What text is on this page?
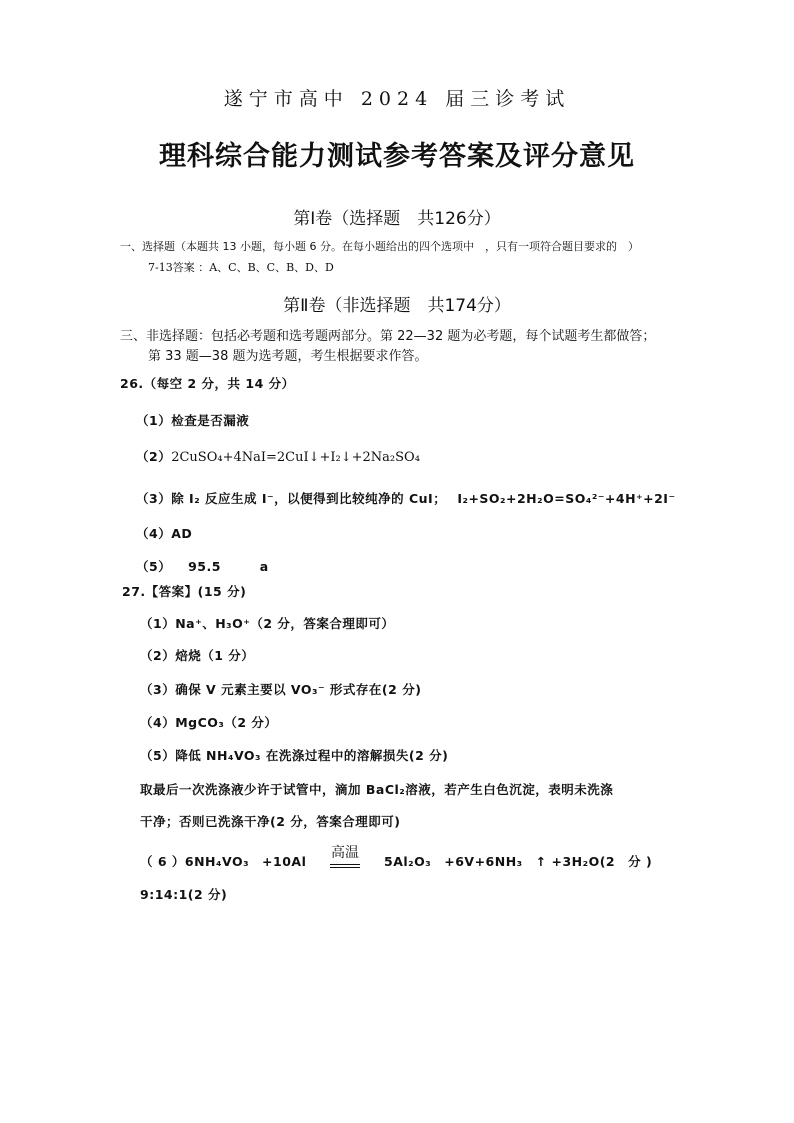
遂宁市高中 2024 届三诊考试
理科综合能力测试参考答案及评分意见
第Ⅰ卷（选择题　共126分）
一、选择题（本题共 13 小题，每小题 6 分。在每小题给出的四个选项中　，只有一项符合题目要求的　）
7-13答案 ：A、C、B、C、B、D、D
第Ⅱ卷（非选择题　共174分）
三、非选择题：包括必考题和选考题两部分。第 22—32 题为必考题，每个试题考生都做答；
第 33 题—38 题为选考题，考生根据要求作答。
26.（每空 2 分，共 14 分）
（1）检查是否漏液
（2）2CuSO₄+4NaI=2CuI↓+I₂↓+2Na₂SO₄
（3）除 I₂ 反应生成 I⁻，以便得到比较纯净的 CuI； I₂+SO₂+2H₂O=SO₄²⁻+4H⁺+2I⁻
（4）AD
（5） 95.5	a
27.【答案】(15 分)
（1）Na⁺、H₃O⁺（2 分，答案合理即可）
（2）焙烧（1 分）
（3）确保 V 元素主要以 VO₃⁻ 形式存在(2 分)
（4）MgCO₃（2 分）
（5）降低 NH₄VO₃ 在洗涤过程中的溶解损失(2 分)
取最后一次洗涤液少许于试管中，滴加 BaCl₂溶液，若产生白色沉淀，表明未洗涤
干净；否则已洗涤干净(2 分，答案合理即可)
（ 6 ）6NH₄VO₃　+10Al
高温
5Al₂O₃　+6V+6NH₃　↑ +3H₂O(2　分 )
9:14:1(2 分)
